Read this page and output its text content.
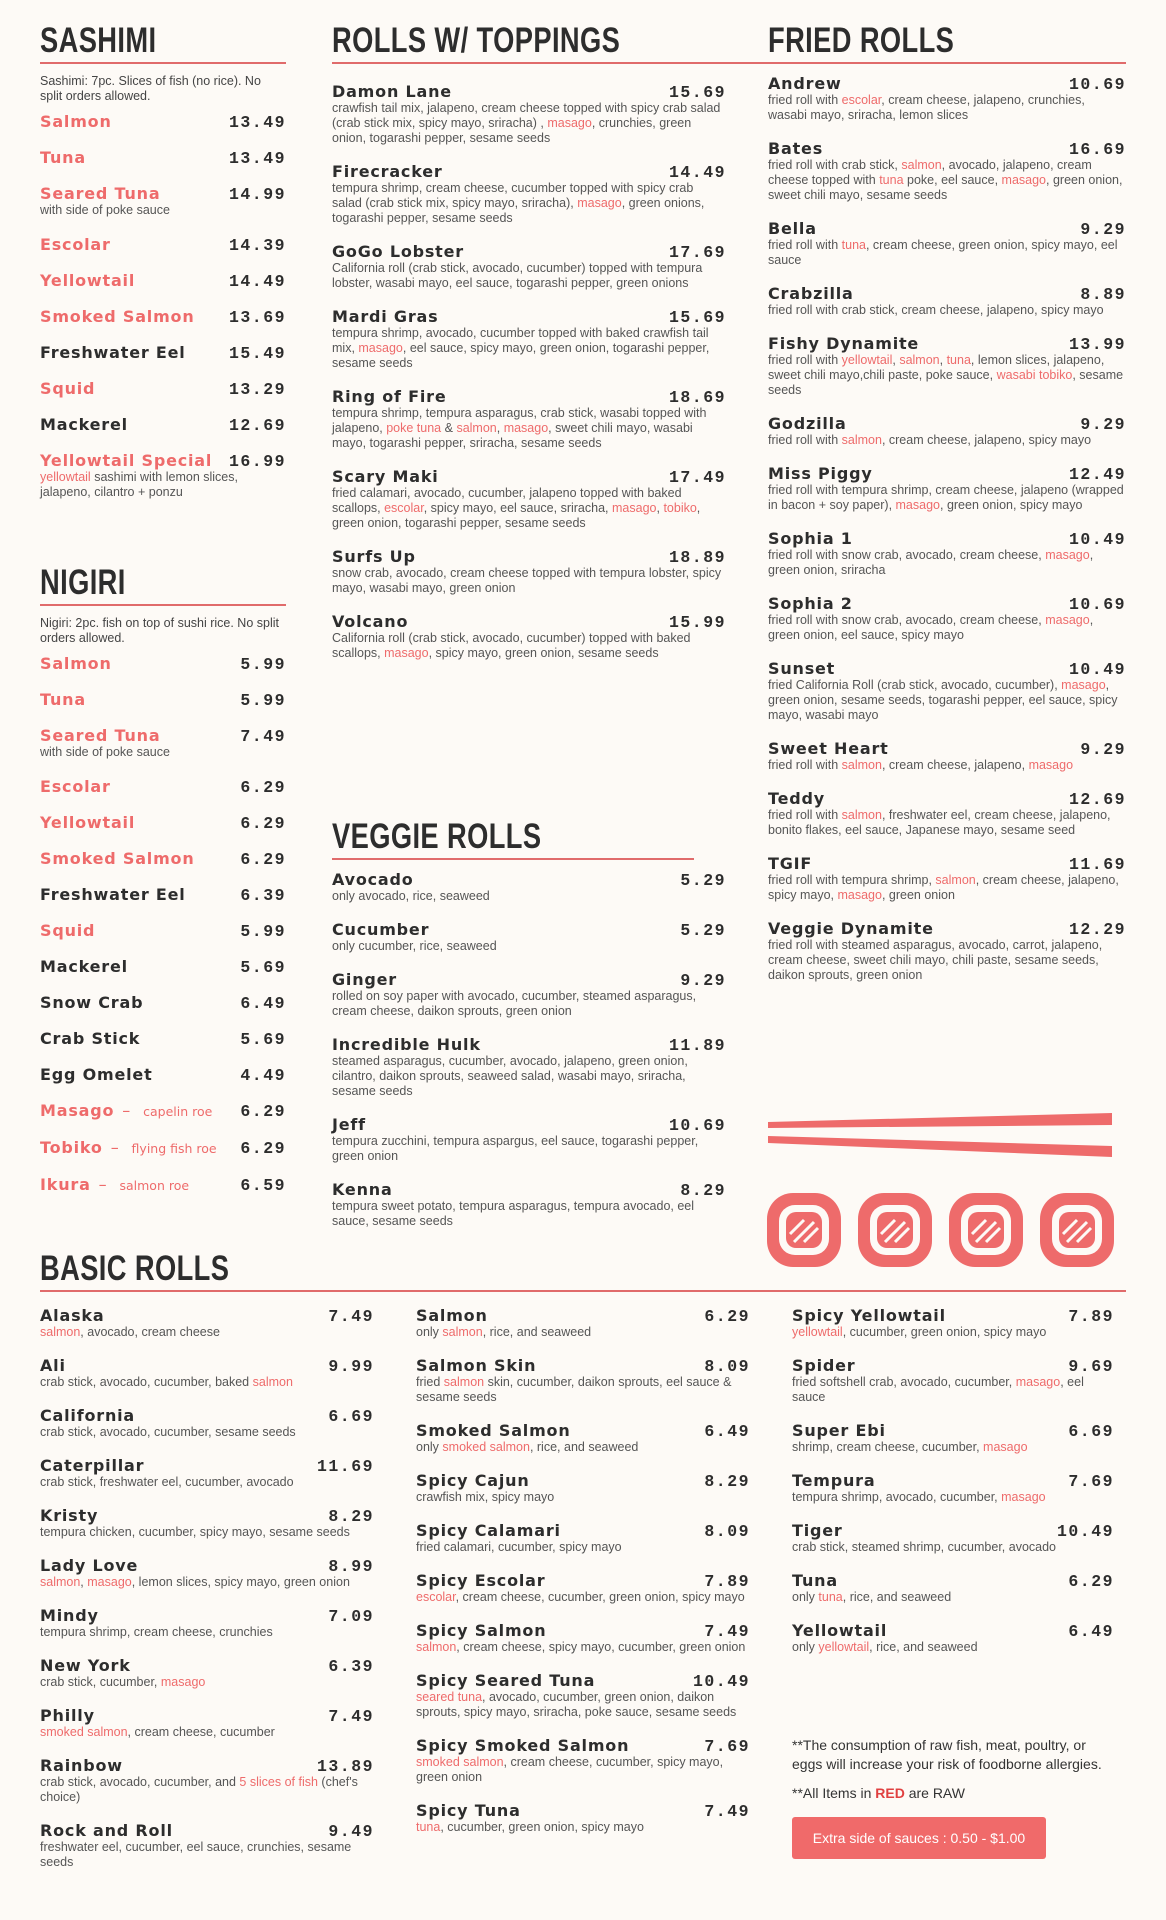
SASHIMI
Sashimi: 7pc. Slices of fish (no rice). No split orders allowed.
Salmon	13.49
Tuna	13.49
Seared Tuna	14.99
with side of poke sauce
Escolar	14.39
Yellowtail	14.49
Smoked Salmon	13.69
Freshwater Eel	15.49
Squid	13.29
Mackerel	12.69
Yellowtail Special	16.99
yellowtail sashimi with lemon slices, jalapeno, cilantro + ponzu
NIGIRI
Nigiri: 2pc. fish on top of sushi rice. No split orders allowed.
Salmon	5.99
Tuna	5.99
Seared Tuna	7.49
with side of poke sauce
Escolar	6.29
Yellowtail	6.29
Smoked Salmon	6.29
Freshwater Eel	6.39
Squid	5.99
Mackerel	5.69
Snow Crab	6.49
Crab Stick	5.69
Egg Omelet	4.49
Masago – capelin roe	6.29
Tobiko – flying fish roe	6.29
Ikura – salmon roe	6.59
ROLLS W/ TOPPINGS
Damon Lane	15.69
crawfish tail mix, jalapeno, cream cheese topped with spicy crab salad (crab stick mix, spicy mayo, sriracha) , masago, crunchies, green onion, togarashi pepper, sesame seeds
Firecracker	14.49
tempura shrimp, cream cheese, cucumber topped with spicy crab salad (crab stick mix, spicy mayo, sriracha), masago, green onions, togarashi pepper, sesame seeds
GoGo Lobster	17.69
California roll (crab stick, avocado, cucumber) topped with tempura lobster, wasabi mayo, eel sauce, togarashi pepper, green onions
Mardi Gras	15.69
tempura shrimp, avocado, cucumber topped with baked crawfish tail mix, masago, eel sauce, spicy mayo, green onion, togarashi pepper, sesame seeds
Ring of Fire	18.69
tempura shrimp, tempura asparagus, crab stick, wasabi topped with jalapeno, poke tuna & salmon, masago, sweet chili mayo, wasabi mayo, togarashi pepper, sriracha, sesame seeds
Scary Maki	17.49
fried calamari, avocado, cucumber, jalapeno topped with baked scallops, escolar, spicy mayo, eel sauce, sriracha, masago, tobiko, green onion, togarashi pepper, sesame seeds
Surfs Up	18.89
snow crab, avocado, cream cheese topped with tempura lobster, spicy mayo, wasabi mayo, green onion
Volcano	15.99
California roll (crab stick, avocado, cucumber) topped with baked scallops, masago, spicy mayo, green onion, sesame seeds
VEGGIE ROLLS
Avocado	5.29
only avocado, rice, seaweed
Cucumber	5.29
only cucumber, rice, seaweed
Ginger	9.29
rolled on soy paper with avocado, cucumber, steamed asparagus, cream cheese, daikon sprouts, green onion
Incredible Hulk	11.89
steamed asparagus, cucumber, avocado, jalapeno, green onion, cilantro, daikon sprouts, seaweed salad, wasabi mayo, sriracha, sesame seeds
Jeff	10.69
tempura zucchini, tempura aspargus, eel sauce, togarashi pepper, green onion
Kenna	8.29
tempura sweet potato, tempura asparagus, tempura avocado, eel sauce, sesame seeds
FRIED ROLLS
Andrew	10.69
fried roll with escolar, cream cheese, jalapeno, crunchies, wasabi mayo, sriracha, lemon slices
Bates	16.69
fried roll with crab stick, salmon, avocado, jalapeno, cream cheese topped with tuna poke, eel sauce, masago, green onion, sweet chili mayo, sesame seeds
Bella	9.29
fried roll with tuna, cream cheese, green onion, spicy mayo, eel sauce
Crabzilla	8.89
fried roll with crab stick, cream cheese, jalapeno, spicy mayo
Fishy Dynamite	13.99
fried roll with yellowtail, salmon, tuna, lemon slices, jalapeno, sweet chili mayo,chili paste, poke sauce, wasabi tobiko, sesame seeds
Godzilla	9.29
fried roll with salmon, cream cheese, jalapeno, spicy mayo
Miss Piggy	12.49
fried roll with tempura shrimp, cream cheese, jalapeno (wrapped in bacon + soy paper), masago, green onion, spicy mayo
Sophia 1	10.49
fried roll with snow crab, avocado, cream cheese, masago, green onion, sriracha
Sophia 2	10.69
fried roll with snow crab, avocado, cream cheese, masago, green onion, eel sauce, spicy mayo
Sunset	10.49
fried California Roll (crab stick, avocado, cucumber), masago, green onion, sesame seeds, togarashi pepper, eel sauce, spicy mayo, wasabi mayo
Sweet Heart	9.29
fried roll with salmon, cream cheese, jalapeno, masago
Teddy	12.69
fried roll with salmon, freshwater eel, cream cheese, jalapeno, bonito flakes, eel sauce, Japanese mayo, sesame seed
TGIF	11.69
fried roll with tempura shrimp, salmon, cream cheese, jalapeno, spicy mayo, masago, green onion
Veggie Dynamite	12.29
fried roll with steamed asparagus, avocado, carrot, jalapeno, cream cheese, sweet chili mayo, chili paste, sesame seeds, daikon sprouts, green onion
BASIC ROLLS
Alaska	7.49
salmon, avocado, cream cheese
Ali	9.99
crab stick, avocado, cucumber, baked salmon
California	6.69
crab stick, avocado, cucumber, sesame seeds
Caterpillar	11.69
crab stick, freshwater eel, cucumber, avocado
Kristy	8.29
tempura chicken, cucumber, spicy mayo, sesame seeds
Lady Love	8.99
salmon, masago, lemon slices, spicy mayo, green onion
Mindy	7.09
tempura shrimp, cream cheese, crunchies
New York	6.39
crab stick, cucumber, masago
Philly	7.49
smoked salmon, cream cheese, cucumber
Rainbow	13.89
crab stick, avocado, cucumber, and 5 slices of fish (chef's choice)
Rock and Roll	9.49
freshwater eel, cucumber, eel sauce, crunchies, sesame seeds
Salmon	6.29
only salmon, rice, and seaweed
Salmon Skin	8.09
fried salmon skin, cucumber, daikon sprouts, eel sauce & sesame seeds
Smoked Salmon	6.49
only smoked salmon, rice, and seaweed
Spicy Cajun	8.29
crawfish mix, spicy mayo
Spicy Calamari	8.09
fried calamari, cucumber, spicy mayo
Spicy Escolar	7.89
escolar, cream cheese, cucumber, green onion, spicy mayo
Spicy Salmon	7.49
salmon, cream cheese, spicy mayo, cucumber, green onion
Spicy Seared Tuna	10.49
seared tuna, avocado, cucumber, green onion, daikon sprouts, spicy mayo, sriracha, poke sauce, sesame seeds
Spicy Smoked Salmon	7.69
smoked salmon, cream cheese, cucumber, spicy mayo, green onion
Spicy Tuna	7.49
tuna, cucumber, green onion, spicy mayo
Spicy Yellowtail	7.89
yellowtail, cucumber, green onion, spicy mayo
Spider	9.69
fried softshell crab, avocado, cucumber, masago, eel sauce
Super Ebi	6.69
shrimp, cream cheese, cucumber, masago
Tempura	7.69
tempura shrimp, avocado, cucumber, masago
Tiger	10.49
crab stick, steamed shrimp, cucumber, avocado
Tuna	6.29
only tuna, rice, and seaweed
Yellowtail	6.49
only yellowtail, rice, and seaweed
**The consumption of raw fish, meat, poultry, or eggs will increase your risk of foodborne allergies.
**All Items in RED are RAW
Extra side of sauces : 0.50 - $1.00
